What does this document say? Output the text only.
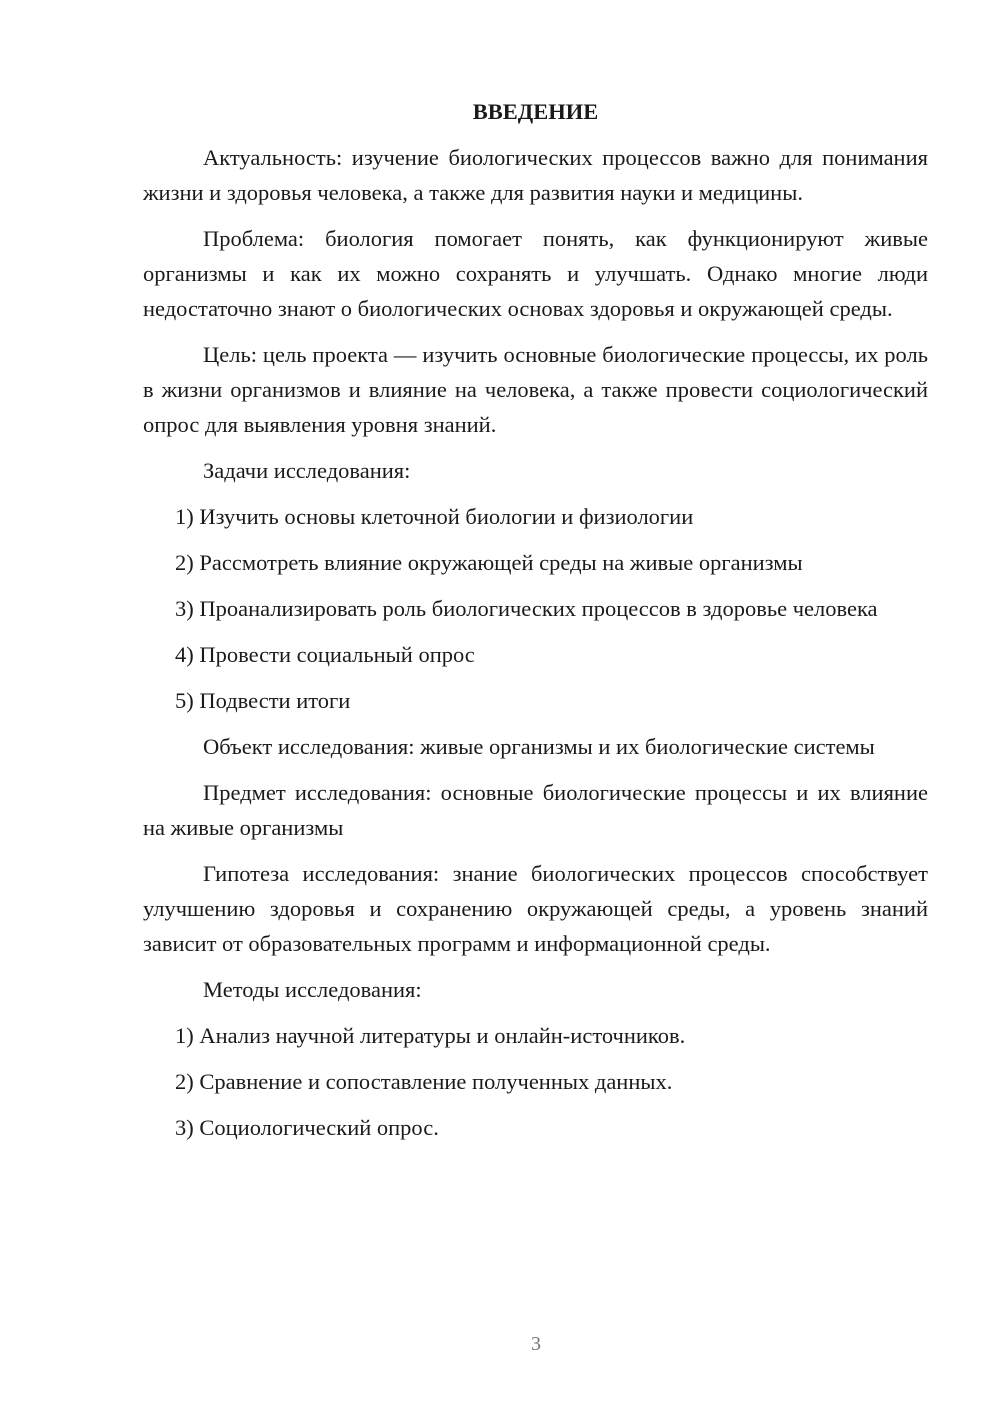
ВВЕДЕНИЕ

Актуальность: изучение биологических процессов важно для понимания жизни и здоровья человека, а также для развития науки и медицины.

Проблема: биология помогает понять, как функционируют живые организмы и как их можно сохранять и улучшать. Однако многие люди недостаточно знают о биологических основах здоровья и окружающей среды.

Цель: цель проекта — изучить основные биологические процессы, их роль в жизни организмов и влияние на человека, а также провести социологический опрос для выявления уровня знаний.

Задачи исследования:

1) Изучить основы клеточной биологии и физиологии

2) Рассмотреть влияние окружающей среды на живые организмы

3) Проанализировать роль биологических процессов в здоровье человека

4) Провести социальный опрос

5) Подвести итоги

Объект исследования: живые организмы и их биологические системы

Предмет исследования: основные биологические процессы и их влияние на живые организмы

Гипотеза исследования: знание биологических процессов способствует улучшению здоровья и сохранению окружающей среды, а уровень знаний зависит от образовательных программ и информационной среды.

Методы исследования:

1) Анализ научной литературы и онлайн-источников.

2) Сравнение и сопоставление полученных данных.

3) Социологический опрос.

3
